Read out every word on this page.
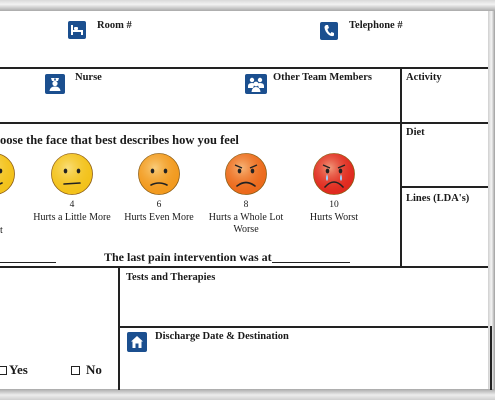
Room #	Telephone #
Nurse	Other Team Members	Activity
Diet
Lines (LDA's)
oose the face that best describes how you feel
t
4
Hurts a Little More
6
Hurts Even More
8
Hurts a Whole Lot Worse
10
Hurts Worst
The last pain intervention was at
Tests and Therapies
Discharge Date & Destination
Yes	No
